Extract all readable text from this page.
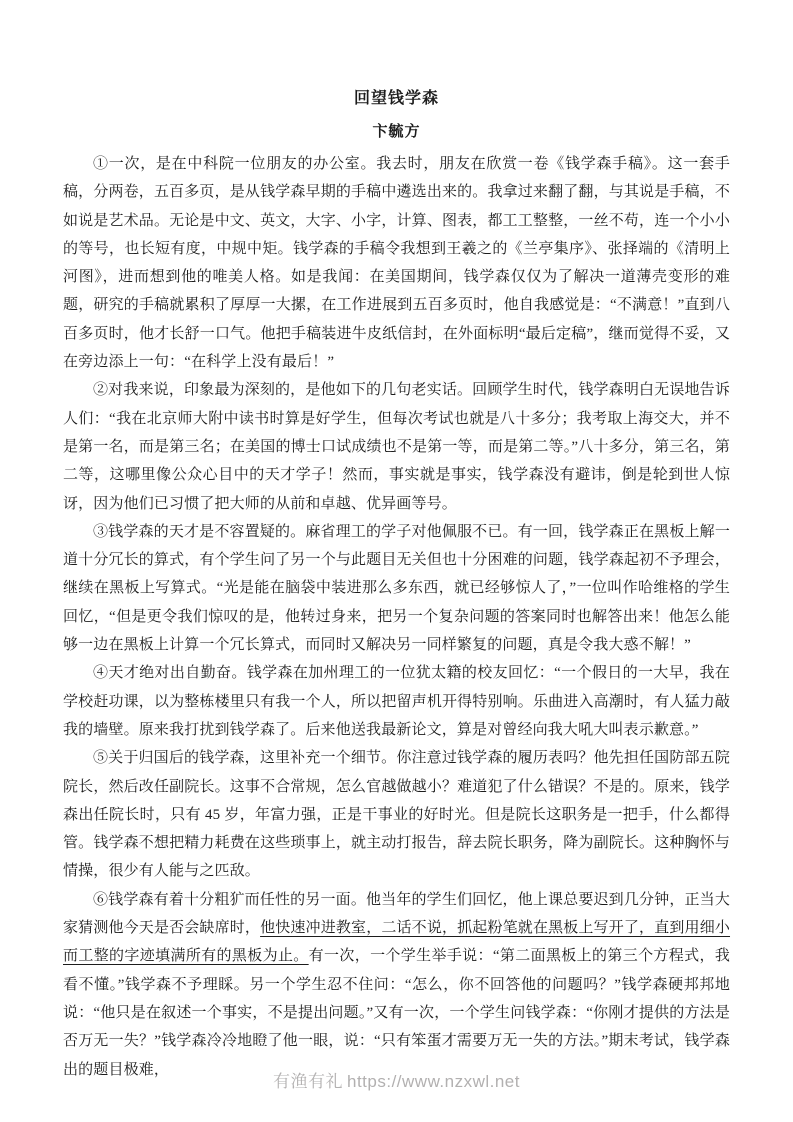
回望钱学森
卞毓方

①一次，是在中科院一位朋友的办公室。我去时，朋友在欣赏一卷《钱学森手稿》。这一套手稿，分两卷，五百多页，是从钱学森早期的手稿中遴选出来的。我拿过来翻了翻，与其说是手稿，不如说是艺术品。无论是中文、英文，大字、小字，计算、图表，都工工整整，一丝不苟，连一个小小的等号，也长短有度，中规中矩。钱学森的手稿令我想到王羲之的《兰亭集序》、张择端的《清明上河图》，进而想到他的唯美人格。如是我闻：在美国期间，钱学森仅仅为了解决一道薄壳变形的难题，研究的手稿就累积了厚厚一大摞，在工作进展到五百多页时，他自我感觉是：“不满意！”直到八百多页时，他才长舒一口气。他把手稿装进牛皮纸信封，在外面标明“最后定稿”，继而觉得不妥，又在旁边添上一句：“在科学上没有最后！”

②对我来说，印象最为深刻的，是他如下的几句老实话。回顾学生时代，钱学森明白无误地告诉人们：“我在北京师大附中读书时算是好学生，但每次考试也就是八十多分；我考取上海交大，并不是第一名，而是第三名；在美国的博士口试成绩也不是第一等，而是第二等。”八十多分，第三名，第二等，这哪里像公众心目中的天才学子！然而，事实就是事实，钱学森没有避讳，倒是轮到世人惊讶，因为他们已习惯了把大师的从前和卓越、优异画等号。

③钱学森的天才是不容置疑的。麻省理工的学子对他佩服不已。有一回，钱学森正在黑板上解一道十分冗长的算式，有个学生问了另一个与此题目无关但也十分困难的问题，钱学森起初不予理会，继续在黑板上写算式。“光是能在脑袋中装进那么多东西，就已经够惊人了，”一位叫作哈维格的学生回忆，“但是更令我们惊叹的是，他转过身来，把另一个复杂问题的答案同时也解答出来！他怎么能够一边在黑板上计算一个冗长算式，而同时又解决另一同样繁复的问题，真是令我大惑不解！”

④天才绝对出自勤奋。钱学森在加州理工的一位犹太籍的校友回忆：“一个假日的一大早，我在学校赶功课，以为整栋楼里只有我一个人，所以把留声机开得特别响。乐曲进入高潮时，有人猛力敲我的墙壁。原来我打扰到钱学森了。后来他送我最新论文，算是对曾经向我大吼大叫表示歉意。”

⑤关于归国后的钱学森，这里补充一个细节。你注意过钱学森的履历表吗？他先担任国防部五院院长，然后改任副院长。这事不合常规，怎么官越做越小？难道犯了什么错误？不是的。原来，钱学森出任院长时，只有 45 岁，年富力强，正是干事业的好时光。但是院长这职务是一把手，什么都得管。钱学森不想把精力耗费在这些琐事上，就主动打报告，辞去院长职务，降为副院长。这种胸怀与情操，很少有人能与之匹敌。

⑥钱学森有着十分粗犷而任性的另一面。他当年的学生们回忆，他上课总要迟到几分钟，正当大家猜测他今天是否会缺席时，他快速冲进教室，二话不说，抓起粉笔就在黑板上写开了，直到用细小而工整的字迹填满所有的黑板为止。有一次，一个学生举手说：“第二面黑板上的第三个方程式，我看不懂。”钱学森不予理睬。另一个学生忍不住问：“怎么，你不回答他的问题吗？”钱学森硬邦邦地说：“他只是在叙述一个事实，不是提出问题。”又有一次，一个学生问钱学森：“你刚才提供的方法是否万无一失？”钱学森冷冷地瞪了他一眼，说：“只有笨蛋才需要万无一失的方法。”期末考试，钱学森出的题目极难，

有渔有礼 https://www.nzxwl.net
